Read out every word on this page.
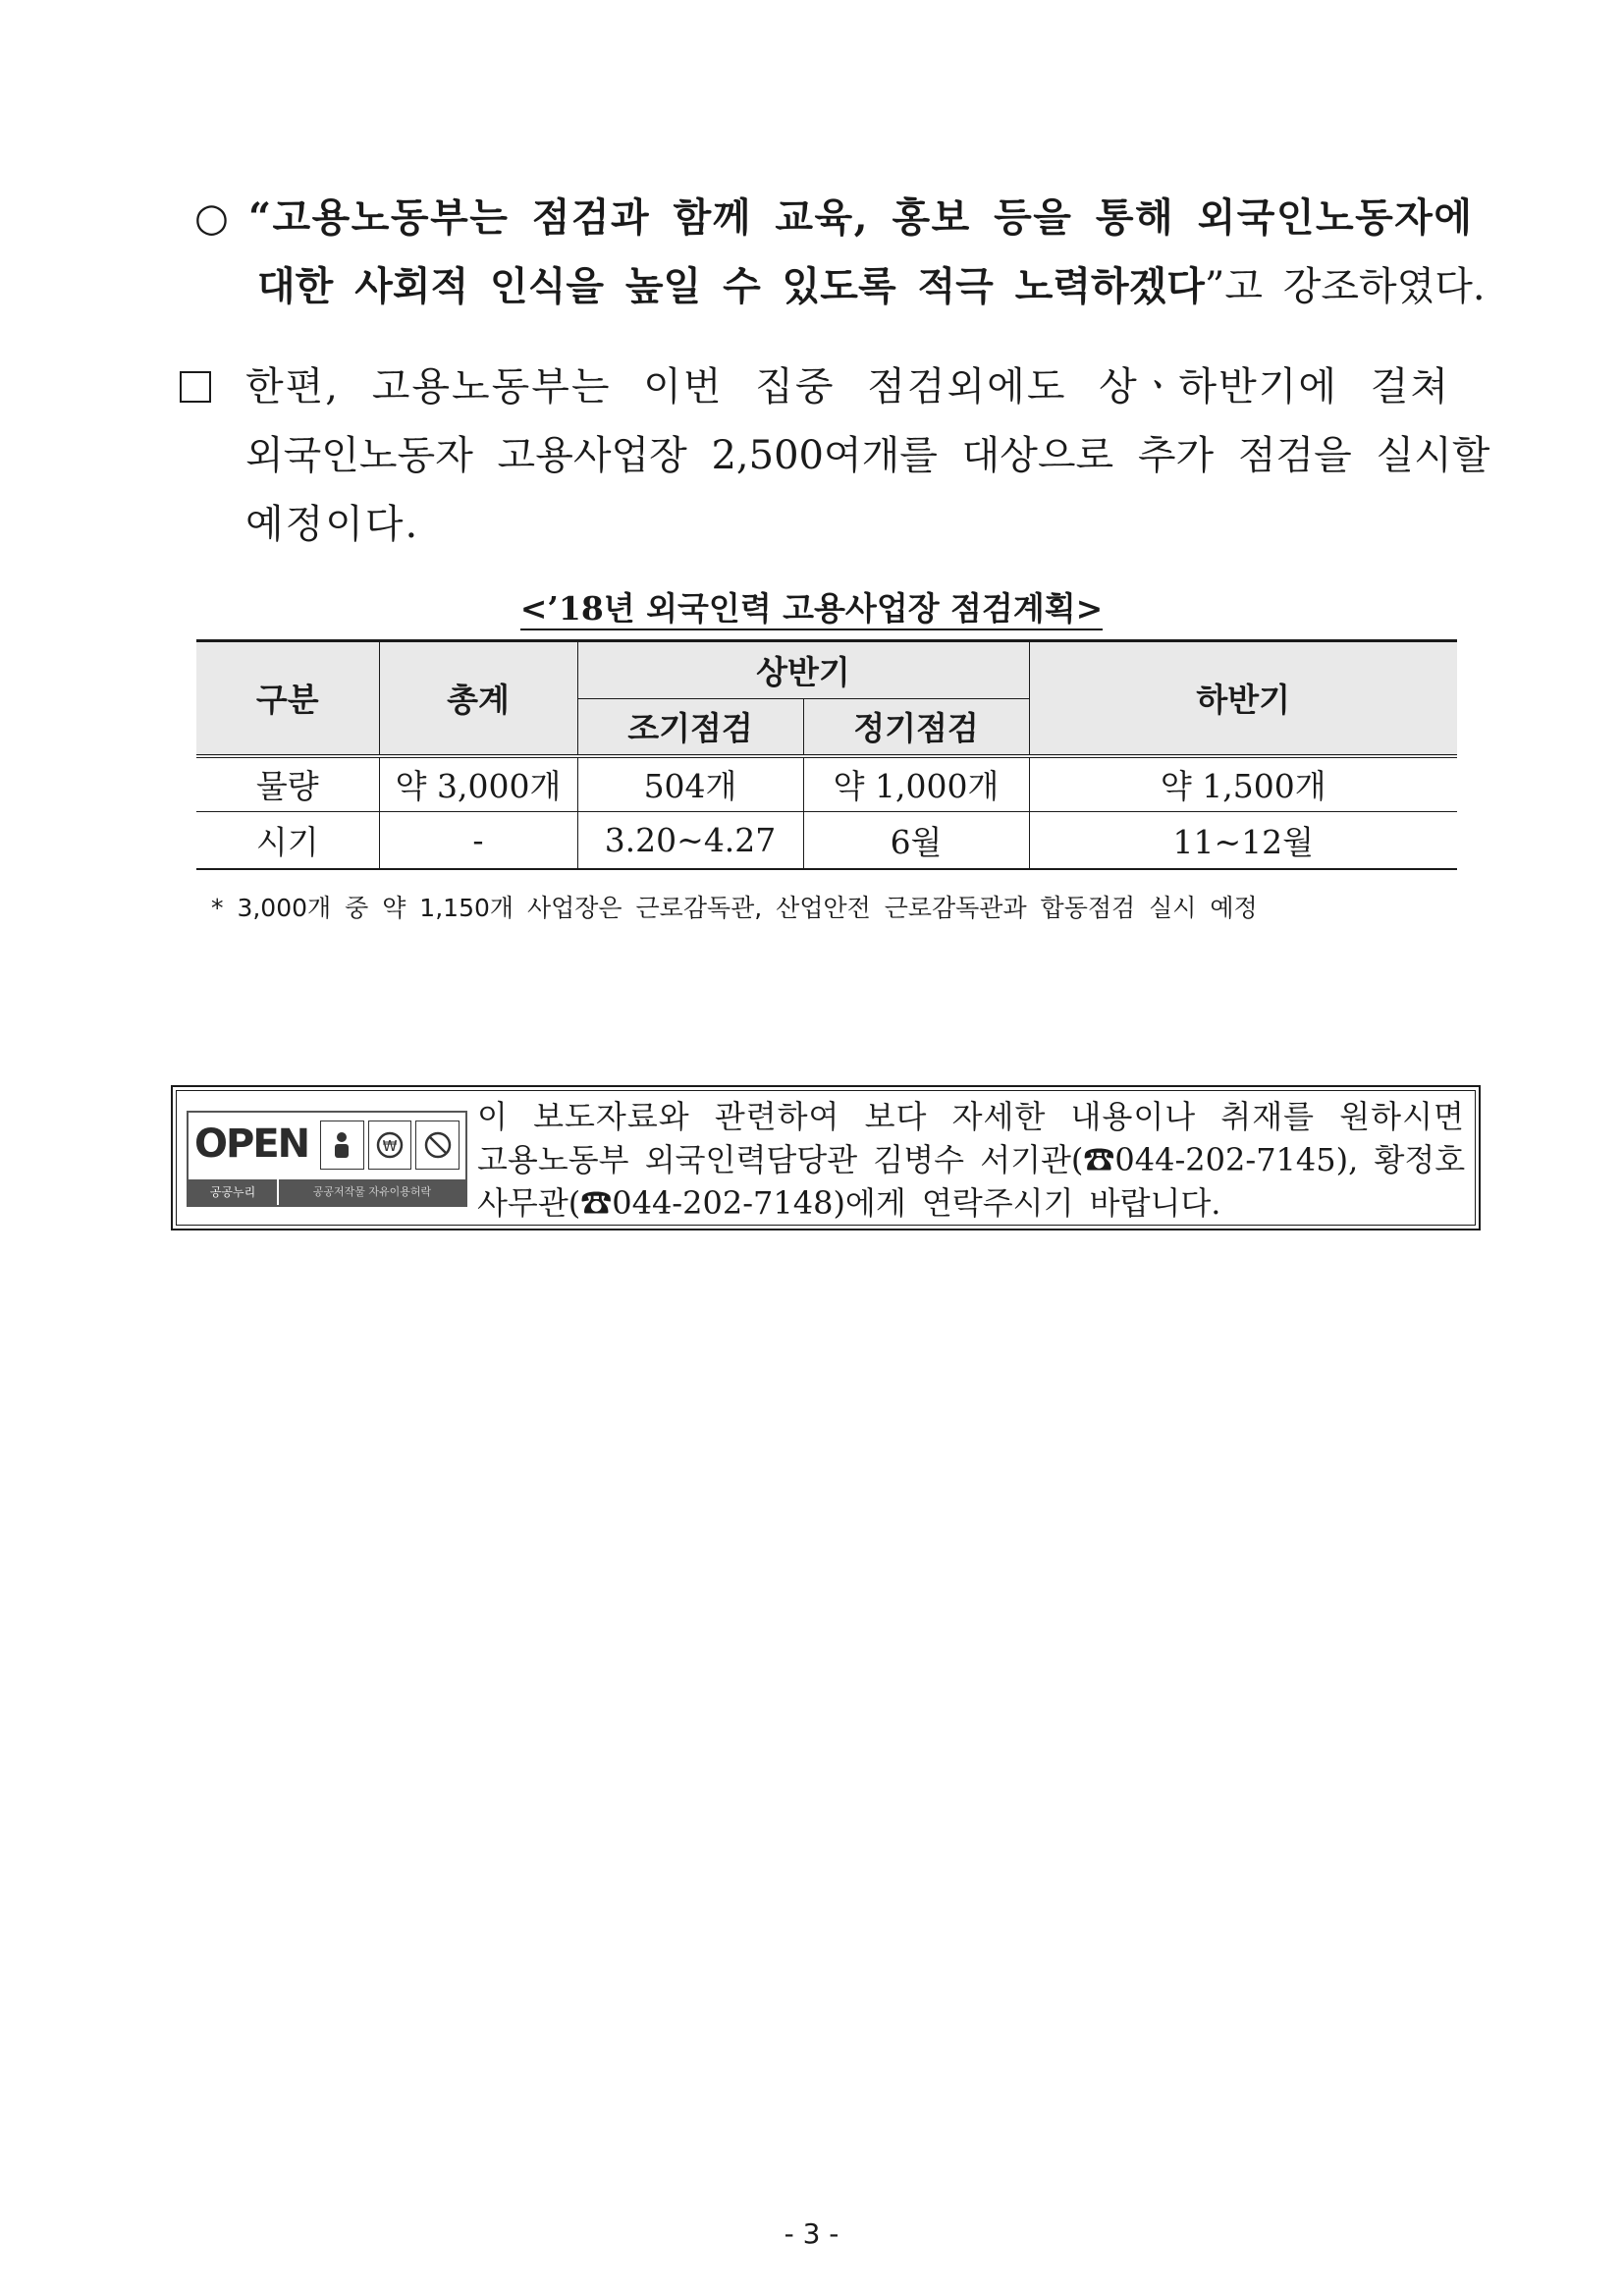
○ “고용노동부는 점검과 함께 교육, 홍보 등을 통해 외국인노동자에
대한 사회적 인식을 높일 수 있도록 적극 노력하겠다”고 강조하였다.
한편, 고용노동부는 이번 집중 점검외에도 상ㆍ하반기에 걸쳐
외국인노동자 고용사업장 2,500여개를 대상으로 추가 점검을 실시할
예정이다.
<’18년 외국인력 고용사업장 점검계획>
구분	총계	상반기		하반기
		조기점검	정기점검	
물량	약 3,000개	504개	약 1,000개	약 1,500개
시기	-	3.20~4.27	6월	11~12월
* 3,000개 중 약 1,150개 사업장은 근로감독관, 산업안전 근로감독관과 합동점검 실시 예정
OPEN	₩
공공누리	공공저작물 자유이용허락
이 보도자료와 관련하여 보다 자세한 내용이나 취재를 원하시면
고용노동부 외국인력담당관 김병수 서기관(☎044-202-7145), 황정호
사무관(☎044-202-7148)에게 연락주시기 바랍니다.
- 3 -
